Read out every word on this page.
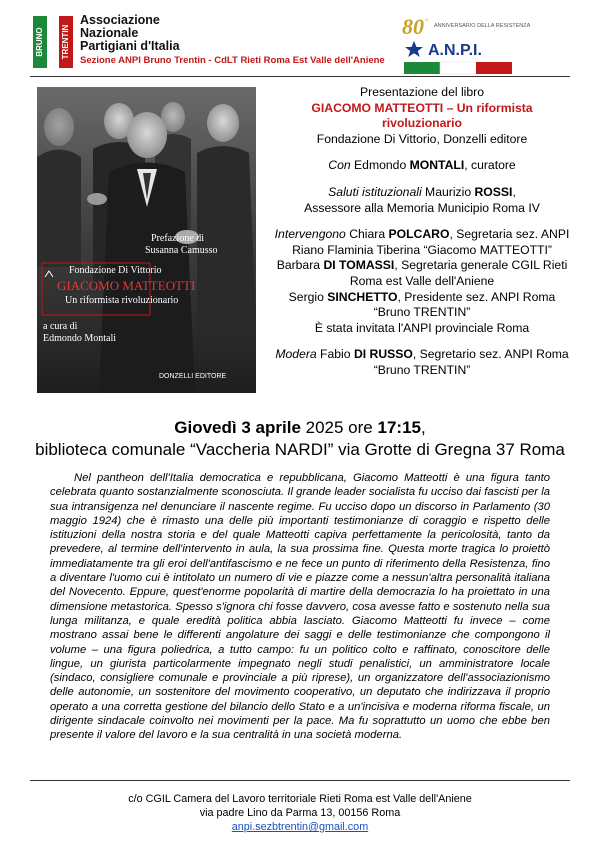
BRUNO TRENTIN
Associazione
Nazionale
Partigiani d'Italia
Sezione ANPI Bruno Trentin - CdLT Rieti Roma Est Valle dell'Aniene
80 ° ANNIVERSARIO DELLA RESISTENZA
A.N.P.I.
Prefazione di
Susanna Camusso
Fondazione Di Vittorio
GIACOMO MATTEOTTI
Un riformista rivoluzionario
a cura di
Edmondo Montali
DONZELLI EDITORE

Presentazione del libro

GIACOMO MATTEOTTI – Un riformista rivoluzionario

Fondazione Di Vittorio, Donzelli editore

Con Edmondo MONTALI, curatore

Saluti istituzionali Maurizio ROSSI,

Assessore alla Memoria Municipio Roma IV

Intervengono Chiara POLCARO, Segretaria sez. ANPI Riano Flaminia Tiberina “Giacomo MATTEOTTI”

Barbara DI TOMASSI, Segretaria generale CGIL Rieti Roma est Valle dell'Aniene

Sergio SINCHETTO, Presidente sez. ANPI Roma “Bruno TRENTIN”

È stata invitata l'ANPI provinciale Roma

Modera Fabio DI RUSSO, Segretario sez. ANPI Roma “Bruno TRENTIN”

Giovedì 3 aprile 2025 ore 17:15,
biblioteca comunale “Vaccheria NARDI” via Grotte di Gregna 37 Roma

Nel pantheon dell'Italia democratica e repubblicana, Giacomo Matteotti è una figura tanto celebrata quanto sostanzialmente sconosciuta. Il grande leader socialista fu ucciso dai fascisti per la sua intransigenza nel denunciare il nascente regime. Fu ucciso dopo un discorso in Parlamento (30 maggio 1924) che è rimasto una delle più importanti testimonianze di coraggio e rispetto delle istituzioni della nostra storia e del quale Matteotti capiva perfettamente la pericolosità, tanto da prevedere, al termine dell'intervento in aula, la sua prossima fine. Questa morte tragica lo proiettò immediatamente tra gli eroi dell'antifascismo e ne fece un punto di riferimento della Resistenza, fino a diventare l'uomo cui è intitolato un numero di vie e piazze come a nessun'altra personalità italiana del Novecento. Eppure, quest'enorme popolarità di martire della democrazia lo ha proiettato in una dimensione metastorica. Spesso s'ignora chi fosse davvero, cosa avesse fatto e sostenuto nella sua lunga militanza, e quale eredità politica abbia lasciato. Giacomo Matteotti fu invece – come mostrano assai bene le differenti angolature dei saggi e delle testimonianze che compongono il volume – una figura poliedrica, a tutto campo: fu un politico colto e raffinato, conoscitore delle lingue, un giurista particolarmente impegnato negli studi penalistici, un amministratore locale (sindaco, consigliere comunale e provinciale a più riprese), un organizzatore dell'associazionismo delle autonomie, un sostenitore del movimento cooperativo, un deputato che indirizzava il proprio operato a una corretta gestione del bilancio dello Stato e a un'incisiva e moderna riforma fiscale, un dirigente sindacale coinvolto nei movimenti per la pace. Ma fu soprattutto un uomo che ebbe ben presente il valore del lavoro e la sua centralità in una società moderna.

c/o CGIL Camera del Lavoro territoriale Rieti Roma est Valle dell'Aniene
via padre Lino da Parma 13, 00156 Roma
anpi.sezbtrentin@gmail.com
